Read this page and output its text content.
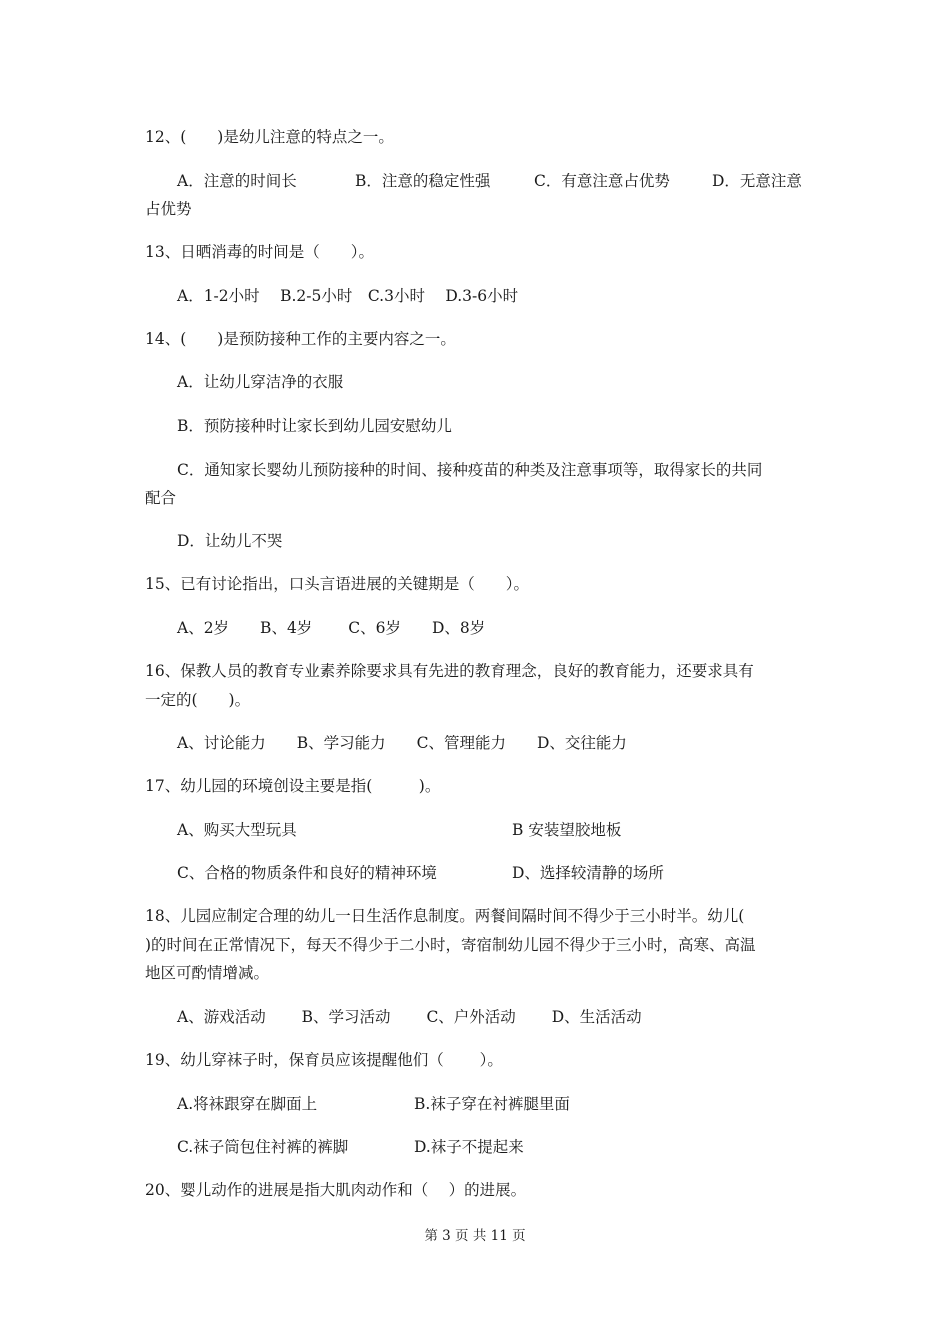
12、(　　)是幼儿注意的特点之一。
A．注意的时间长	B．注意的稳定性强	C．有意注意占优势	D．无意注意
占优势
13、日晒消毒的时间是（　　）。
A．1-2小时　 B.2-5小时　C.3小时　 D.3-6小时
14、(　　)是预防接种工作的主要内容之一。
A．让幼儿穿洁净的衣服
B．预防接种时让家长到幼儿园安慰幼儿
C．通知家长婴幼儿预防接种的时间、接种疫苗的种类及注意事项等，取得家长的共同
配合
D．让幼儿不哭
15、已有讨论指出，口头言语进展的关键期是（　　）。
A、2岁　　B、4岁　　 C、6岁　　D、8岁
16、保教人员的教育专业素养除要求具有先进的教育理念，良好的教育能力，还要求具有
一定的(　　)。
A、讨论能力　　B、学习能力　　C、管理能力　　D、交往能力
17、幼儿园的环境创设主要是指(　　　)。
A、购买大型玩具	B 安装望胶地板
C、合格的物质条件和良好的精神环境	D、选择较清静的场所
18、儿园应制定合理的幼儿一日生活作息制度。两餐间隔时间不得少于三小时半。幼儿(
)的时间在正常情况下，每天不得少于二小时，寄宿制幼儿园不得少于三小时，高寒、高温
地区可酌情增减。
A、游戏活动　　 B、学习活动　　 C、户外活动　　 D、生活活动
19、幼儿穿袜子时，保育员应该提醒他们（　　 ）。
A.将袜跟穿在脚面上	B.袜子穿在衬裤腿里面
C.袜子筒包住衬裤的裤脚	D.袜子不提起来
20、婴儿动作的进展是指大肌肉动作和（　 ）的进展。
第 3 页 共 11 页
